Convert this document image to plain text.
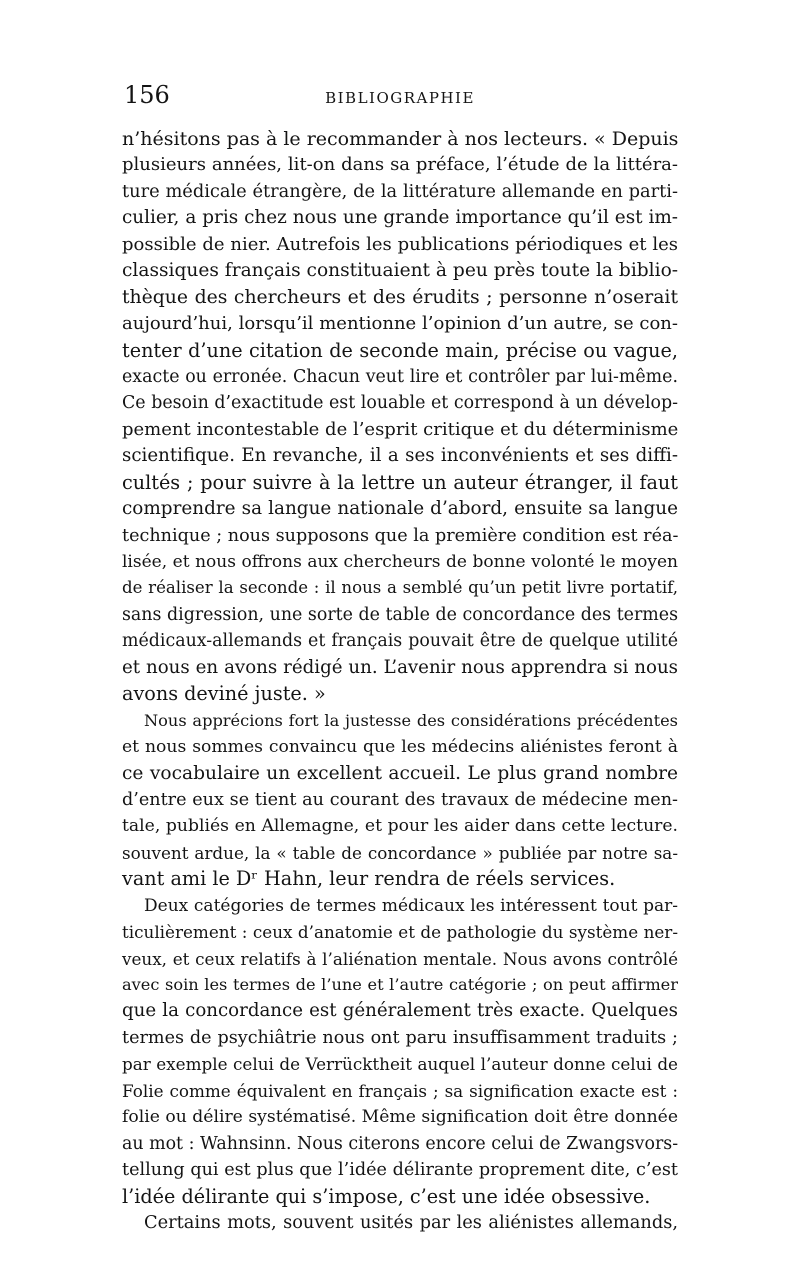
156	BIBLIOGRAPHIE
n’hésitons pas à le recommander à nos lecteurs. « Depuis
plusieurs années, lit-on dans sa préface, l’étude de la littéra-
ture médicale étrangère, de la littérature allemande en parti-
culier, a pris chez nous une grande importance qu’il est im-
possible de nier. Autrefois les publications périodiques et les
classiques français constituaient à peu près toute la biblio-
thèque des chercheurs et des érudits ; personne n’oserait
aujourd’hui, lorsqu’il mentionne l’opinion d’un autre, se con-
tenter d’une citation de seconde main, précise ou vague,
exacte ou erronée. Chacun veut lire et contrôler par lui-même.
Ce besoin d’exactitude est louable et correspond à un dévelop-
pement incontestable de l’esprit critique et du déterminisme
scientifique. En revanche, il a ses inconvénients et ses diffi-
cultés ; pour suivre à la lettre un auteur étranger, il faut
comprendre sa langue nationale d’abord, ensuite sa langue
technique ; nous supposons que la première condition est réa-
lisée, et nous offrons aux chercheurs de bonne volonté le moyen
de réaliser la seconde : il nous a semblé qu’un petit livre portatif,
sans digression, une sorte de table de concordance des termes
médicaux-allemands et français pouvait être de quelque utilité
et nous en avons rédigé un. L’avenir nous apprendra si nous
avons deviné juste. »
Nous apprécions fort la justesse des considérations précédentes
et nous sommes convaincu que les médecins aliénistes feront à
ce vocabulaire un excellent accueil. Le plus grand nombre
d’entre eux se tient au courant des travaux de médecine men-
tale, publiés en Allemagne, et pour les aider dans cette lecture.
souvent ardue, la « table de concordance » publiée par notre sa-
vant ami le Dʳ Hahn, leur rendra de réels services.
Deux catégories de termes médicaux les intéressent tout par-
ticulièrement : ceux d’anatomie et de pathologie du système ner-
veux, et ceux relatifs à l’aliénation mentale. Nous avons contrôlé
avec soin les termes de l’une et l’autre catégorie ; on peut affirmer
que la concordance est généralement très exacte. Quelques
termes de psychiâtrie nous ont paru insuffisamment traduits ;
par exemple celui de Verrücktheit auquel l’auteur donne celui de
Folie comme équivalent en français ; sa signification exacte est :
folie ou délire systématisé. Même signification doit être donnée
au mot : Wahnsinn. Nous citerons encore celui de Zwangsvors-
tellung qui est plus que l’idée délirante proprement dite, c’est
l’idée délirante qui s’impose, c’est une idée obsessive.
Certains mots, souvent usités par les aliénistes allemands,
